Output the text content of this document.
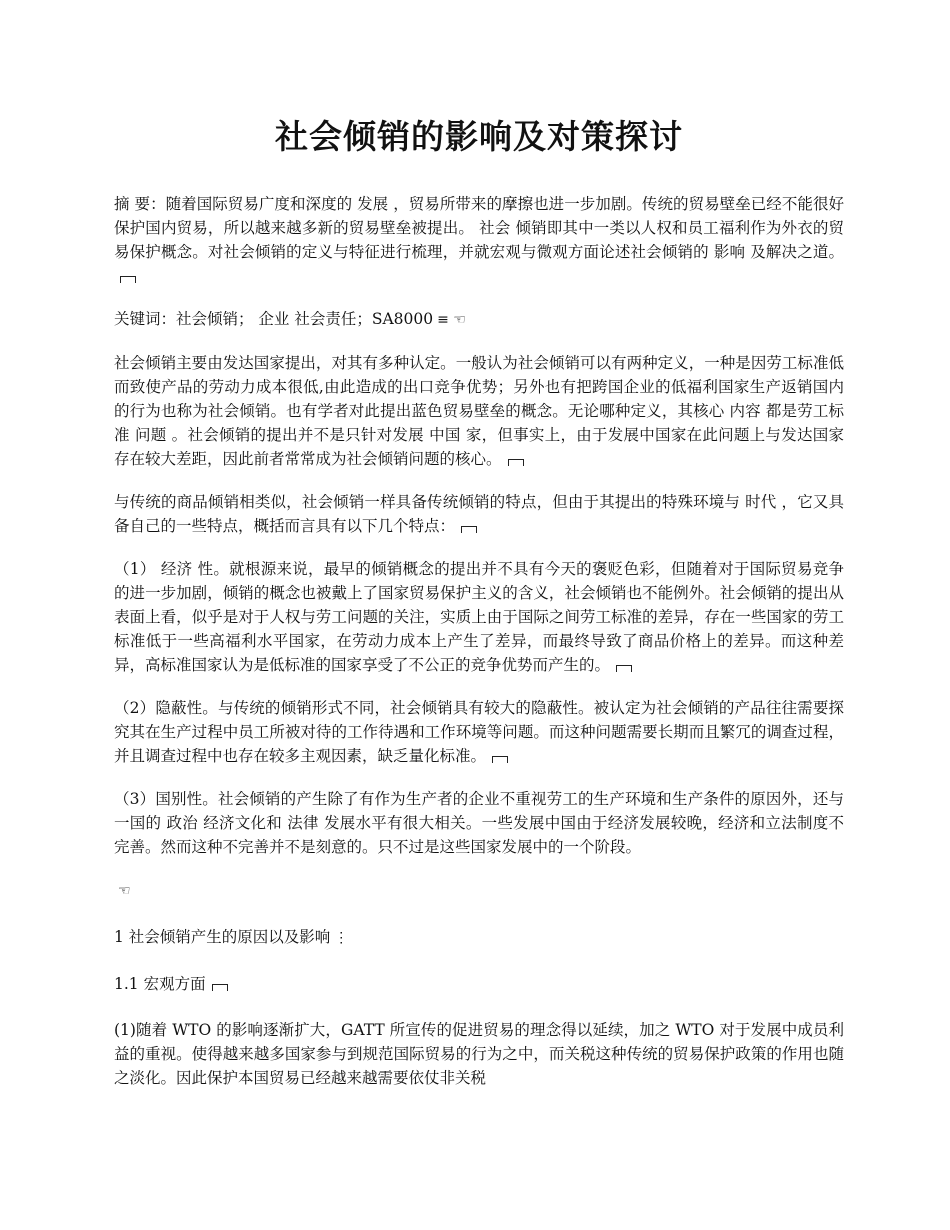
社会倾销的影响及对策探讨

摘 要：随着国际贸易广度和深度的 发展 ，贸易所带来的摩擦也进一步加剧。传统的贸易壁垒已经不能很好保护国内贸易，所以越来越多新的贸易壁垒被提出。 社会 倾销即其中一类以人权和员工福利作为外衣的贸易保护概念。对社会倾销的定义与特征进行梳理，并就宏观与微观方面论述社会倾销的 影响 及解决之道。

关键词：社会倾销； 企业 社会责任；SA8000 ≡ ☜

社会倾销主要由发达国家提出，对其有多种认定。一般认为社会倾销可以有两种定义，一种是因劳工标准低而致使产品的劳动力成本很低,由此造成的出口竞争优势；另外也有把跨国企业的低福利国家生产返销国内的行为也称为社会倾销。也有学者对此提出蓝色贸易壁垒的概念。无论哪种定义，其核心 内容 都是劳工标准 问题 。社会倾销的提出并不是只针对发展 中国 家，但事实上，由于发展中国家在此问题上与发达国家存在较大差距，因此前者常常成为社会倾销问题的核心。

与传统的商品倾销相类似，社会倾销一样具备传统倾销的特点，但由于其提出的特殊环境与 时代 ，它又具备自己的一些特点，概括而言具有以下几个特点：

（1） 经济 性。就根源来说，最早的倾销概念的提出并不具有今天的褒贬色彩，但随着对于国际贸易竞争的进一步加剧，倾销的概念也被戴上了国家贸易保护主义的含义，社会倾销也不能例外。社会倾销的提出从表面上看，似乎是对于人权与劳工问题的关注，实质上由于国际之间劳工标准的差异，存在一些国家的劳工标准低于一些高福利水平国家，在劳动力成本上产生了差异，而最终导致了商品价格上的差异。而这种差异，高标准国家认为是低标准的国家享受了不公正的竞争优势而产生的。

（2）隐蔽性。与传统的倾销形式不同，社会倾销具有较大的隐蔽性。被认定为社会倾销的产品往往需要探究其在生产过程中员工所被对待的工作待遇和工作环境等问题。而这种问题需要长期而且繁冗的调查过程，并且调查过程中也存在较多主观因素，缺乏量化标准。

（3）国别性。社会倾销的产生除了有作为生产者的企业不重视劳工的生产环境和生产条件的原因外，还与一国的 政治 经济文化和 法律 发展水平有很大相关。一些发展中国由于经济发展较晚，经济和立法制度不完善。然而这种不完善并不是刻意的。只不过是这些国家发展中的一个阶段。

☜

1 社会倾销产生的原因以及影响 ⋮

1.1 宏观方面

(1)随着 WTO 的影响逐渐扩大，GATT 所宣传的促进贸易的理念得以延续，加之 WTO 对于发展中成员利益的重视。使得越来越多国家参与到规范国际贸易的行为之中，而关税这种传统的贸易保护政策的作用也随之淡化。因此保护本国贸易已经越来越需要依仗非关税
